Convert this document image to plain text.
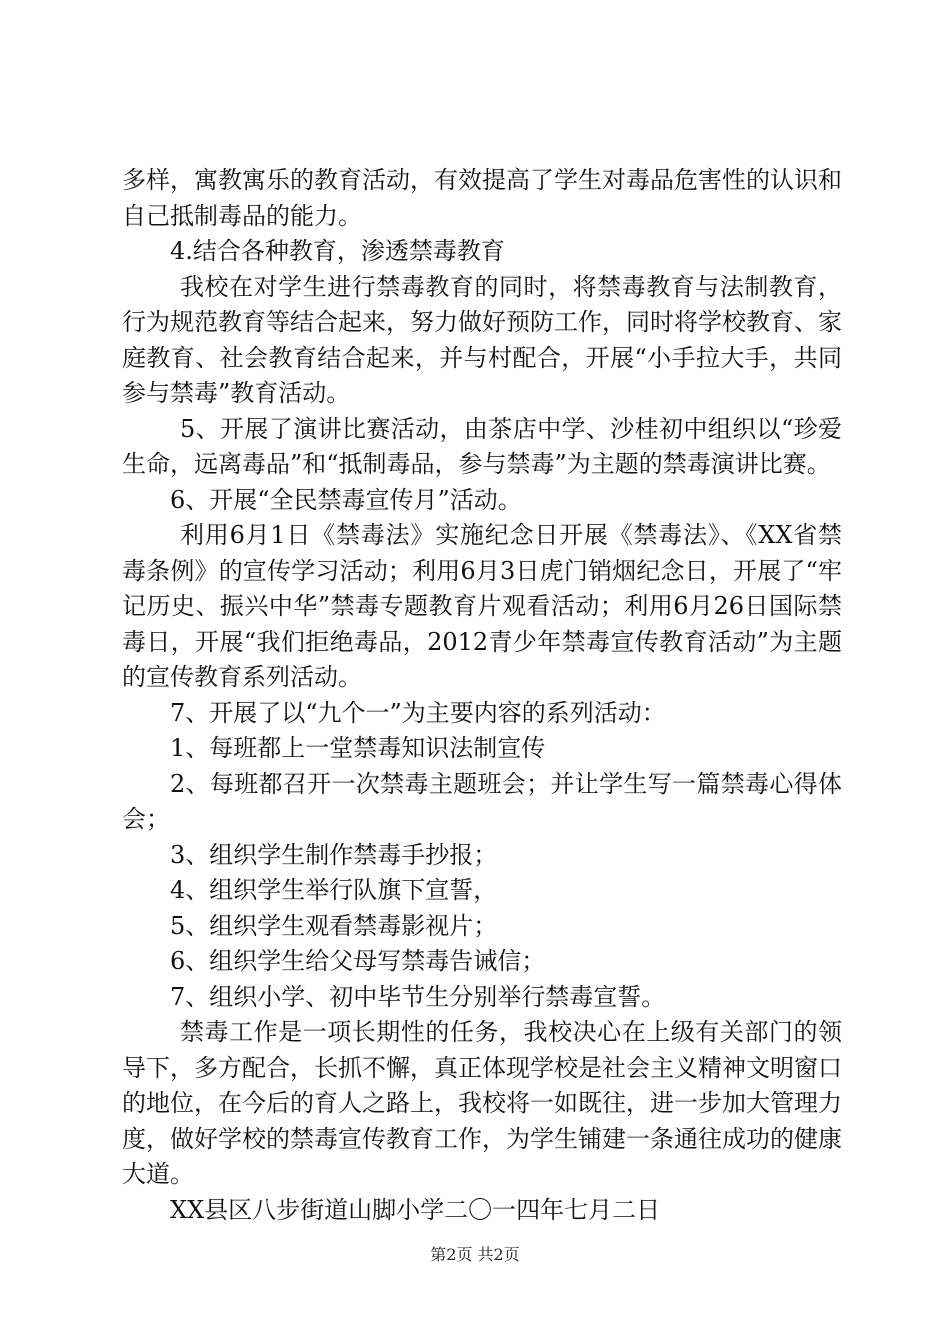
多样，寓教寓乐的教育活动，有效提高了学生对毒品危害性的认识和自己抵制毒品的能力。

4.结合各种教育，渗透禁毒教育

我校在对学生进行禁毒教育的同时，将禁毒教育与法制教育，行为规范教育等结合起来，努力做好预防工作，同时将学校教育、家庭教育、社会教育结合起来，并与村配合，开展“小手拉大手，共同参与禁毒”教育活动。

5、开展了演讲比赛活动，由茶店中学、沙桂初中组织以“珍爱生命，远离毒品”和“抵制毒品，参与禁毒”为主题的禁毒演讲比赛。

6、开展“全民禁毒宣传月”活动。

利用6月1日《禁毒法》实施纪念日开展《禁毒法》、《XX省禁毒条例》的宣传学习活动；利用6月3日虎门销烟纪念日，开展了“牢记历史、振兴中华”禁毒专题教育片观看活动；利用6月26日国际禁毒日，开展“我们拒绝毒品，2012青少年禁毒宣传教育活动”为主题的宣传教育系列活动。

7、开展了以“九个一”为主要内容的系列活动：

1、每班都上一堂禁毒知识法制宣传

2、每班都召开一次禁毒主题班会；并让学生写一篇禁毒心得体会；

3、组织学生制作禁毒手抄报；

4、组织学生举行队旗下宣誓，

5、组织学生观看禁毒影视片；

6、组织学生给父母写禁毒告诫信；

7、组织小学、初中毕节生分别举行禁毒宣誓。

禁毒工作是一项长期性的任务，我校决心在上级有关部门的领导下，多方配合，长抓不懈，真正体现学校是社会主义精神文明窗口的地位，在今后的育人之路上，我校将一如既往，进一步加大管理力度，做好学校的禁毒宣传教育工作，为学生铺建一条通往成功的健康大道。

XX县区八步街道山脚小学二〇一四年七月二日

第2页 共2页
